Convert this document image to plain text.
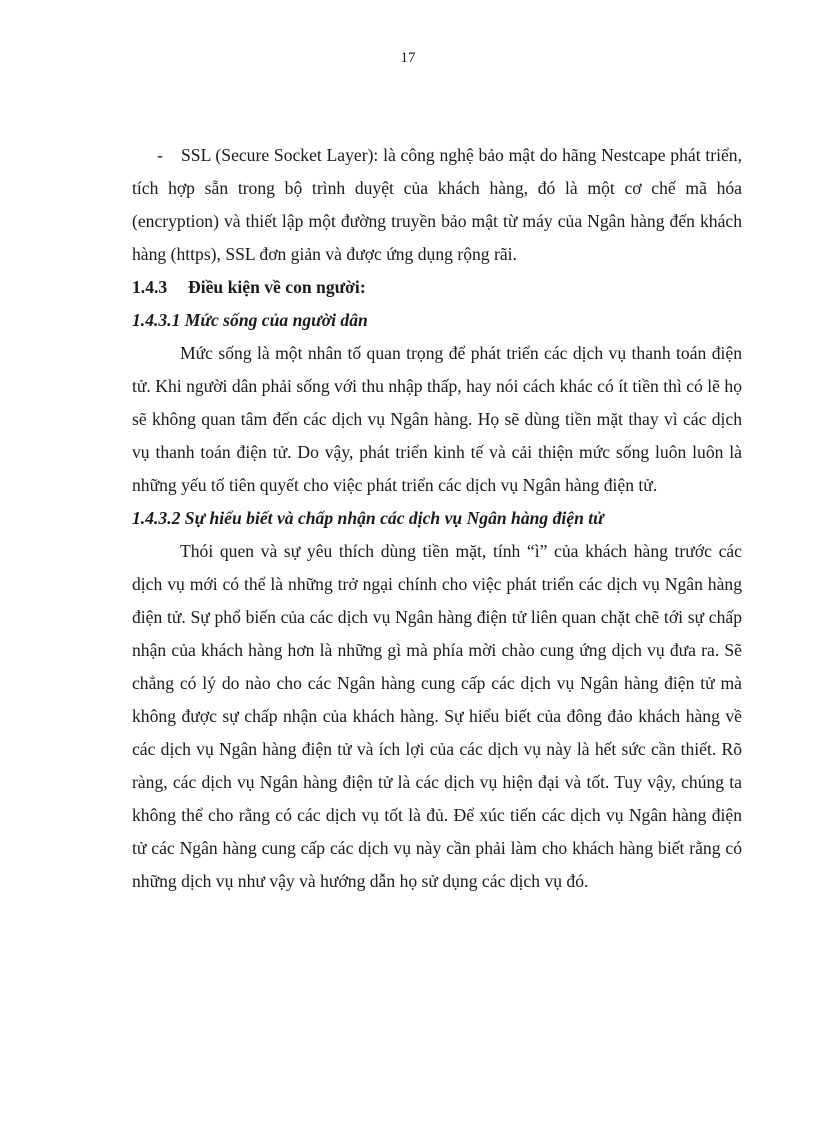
17

- SSL (Secure Socket Layer): là công nghệ bảo mật do hãng Nestcape phát triển, tích hợp sẵn trong bộ trình duyệt của khách hàng, đó là một cơ chế mã hóa (encryption) và thiết lập một đường truyền bảo mật từ máy của Ngân hàng đến khách hàng (https), SSL đơn giản và được ứng dụng rộng rãi.

1.4.3 Điều kiện về con người:

1.4.3.1 Mức sống của người dân

Mức sống là một nhân tố quan trọng để phát triển các dịch vụ thanh toán điện tử. Khi người dân phải sống với thu nhập thấp, hay nói cách khác có ít tiền thì có lẽ họ sẽ không quan tâm đến các dịch vụ Ngân hàng. Họ sẽ dùng tiền mặt thay vì các dịch vụ thanh toán điện tử. Do vậy, phát triển kinh tế và cải thiện mức sống luôn luôn là những yếu tố tiên quyết cho việc phát triển các dịch vụ Ngân hàng điện tử.

1.4.3.2 Sự hiểu biết và chấp nhận các dịch vụ Ngân hàng điện tử

Thói quen và sự yêu thích dùng tiền mặt, tính “ì” của khách hàng trước các dịch vụ mới có thể là những trở ngại chính cho việc phát triển các dịch vụ Ngân hàng điện tử. Sự phổ biến của các dịch vụ Ngân hàng điện tử liên quan chặt chẽ tới sự chấp nhận của khách hàng hơn là những gì mà phía mời chào cung ứng dịch vụ đưa ra. Sẽ chẳng có lý do nào cho các Ngân hàng cung cấp các dịch vụ Ngân hàng điện tử mà không được sự chấp nhận của khách hàng. Sự hiểu biết của đông đảo khách hàng về các dịch vụ Ngân hàng điện tử và ích lợi của các dịch vụ này là hết sức cần thiết. Rõ ràng, các dịch vụ Ngân hàng điện tử là các dịch vụ hiện đại và tốt. Tuy vậy, chúng ta không thể cho rằng có các dịch vụ tốt là đủ. Để xúc tiến các dịch vụ Ngân hàng điện tử các Ngân hàng cung cấp các dịch vụ này cần phải làm cho khách hàng biết rằng có những dịch vụ như vậy và hướng dẫn họ sử dụng các dịch vụ đó.
